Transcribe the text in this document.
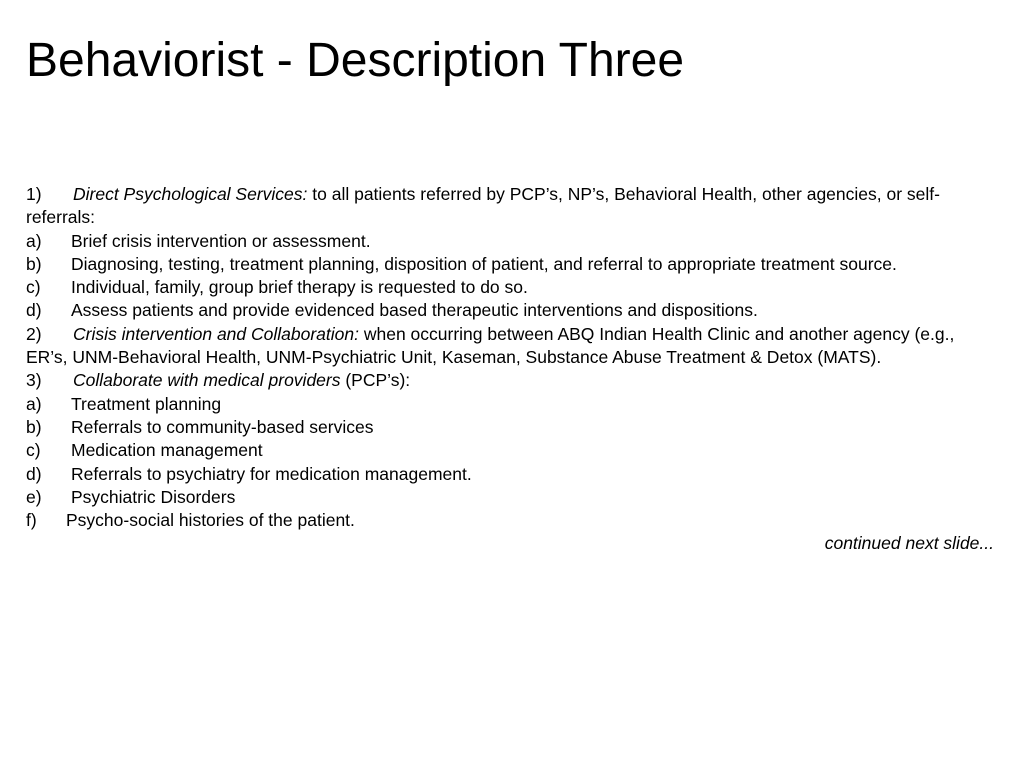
Behaviorist - Description Three

1) Direct Psychological Services: to all patients referred by PCP’s, NP’s, Behavioral Health, other agencies, or self-referrals:

a) Brief crisis intervention or assessment.

b) Diagnosing, testing, treatment planning, disposition of patient, and referral to appropriate treatment source.

c) Individual, family, group brief therapy is requested to do so.

d) Assess patients and provide evidenced based therapeutic interventions and dispositions.

2) Crisis intervention and Collaboration: when occurring between ABQ Indian Health Clinic and another agency (e.g., ER’s, UNM-Behavioral Health, UNM-Psychiatric Unit, Kaseman, Substance Abuse Treatment & Detox (MATS).

3) Collaborate with medical providers (PCP’s):

a) Treatment planning

b) Referrals to community-based services

c) Medication management

d) Referrals to psychiatry for medication management.

e) Psychiatric Disorders

f) Psycho-social histories of the patient.

continued next slide...
